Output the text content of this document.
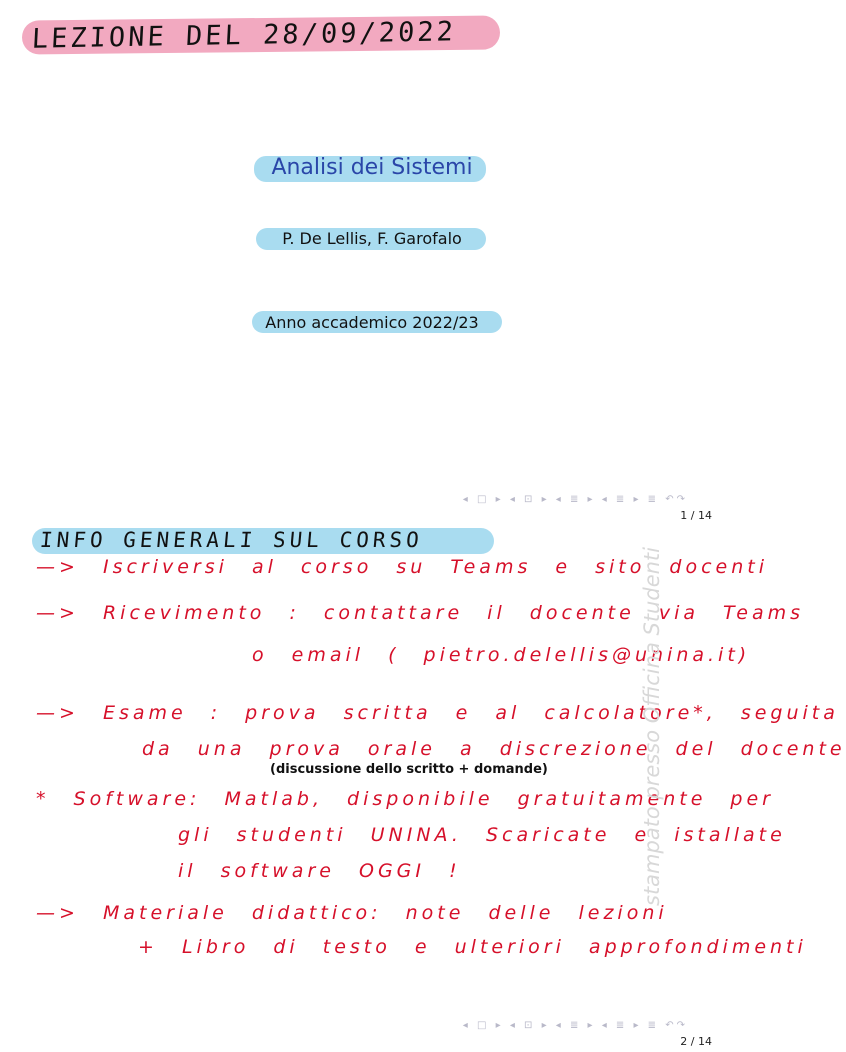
LEZIONE DEL 28/09/2022
Analisi dei Sistemi
P. De Lellis, F. Garofalo
Anno accademico 2022/23
◂ □ ▸ ◂ ⊡ ▸ ◂ ≣ ▸ ◂ ≣ ▸ ≣ ↶↷
1 / 14
INFO GENERALI SUL CORSO
—> Iscriversi al corso su Teams e sito docenti
—> Ricevimento : contattare il docente via Teams
o email ( pietro.delellis@unina.it)
—> Esame : prova scritta e al calcolatore*, seguita
da una prova orale a discrezione del docente
(discussione dello scritto + domande)
* Software: Matlab, disponibile gratuitamente per
gli studenti UNINA. Scaricate e istallate
il software OGGI !
—> Materiale didattico: note delle lezioni
+ Libro di testo e ulteriori approfondimenti
stampato presso Officina Studenti
◂ □ ▸ ◂ ⊡ ▸ ◂ ≣ ▸ ◂ ≣ ▸ ≣ ↶↷
2 / 14
